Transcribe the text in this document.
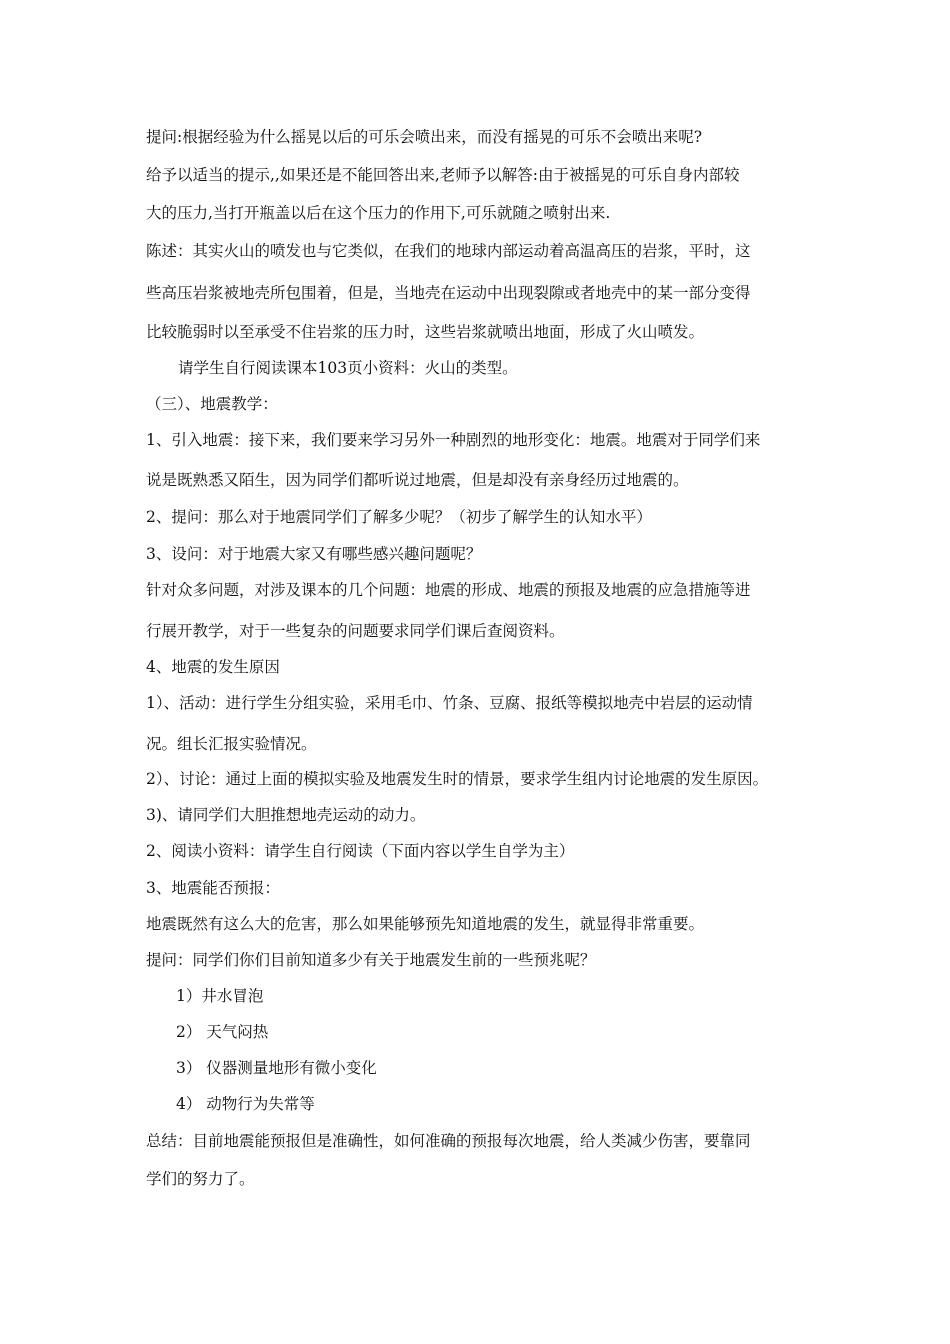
提问:根据经验为什么摇晃以后的可乐会喷出来，而没有摇晃的可乐不会喷出来呢?
给予以适当的提示,,如果还是不能回答出来,老师予以解答:由于被摇晃的可乐自身内部较
大的压力,当打开瓶盖以后在这个压力的作用下,可乐就随之喷射出来.
陈述：其实火山的喷发也与它类似，在我们的地球内部运动着高温高压的岩浆，平时，这
些高压岩浆被地壳所包围着，但是，当地壳在运动中出现裂隙或者地壳中的某一部分变得
比较脆弱时以至承受不住岩浆的压力时，这些岩浆就喷出地面，形成了火山喷发。
请学生自行阅读课本103页小资料：火山的类型。
（三）、地震教学：
1、引入地震：接下来，我们要来学习另外一种剧烈的地形变化：地震。地震对于同学们来
说是既熟悉又陌生，因为同学们都听说过地震，但是却没有亲身经历过地震的。
2、提问：那么对于地震同学们了解多少呢？（初步了解学生的认知水平）
3、设问：对于地震大家又有哪些感兴趣问题呢？
针对众多问题，对涉及课本的几个问题：地震的形成、地震的预报及地震的应急措施等进
行展开教学，对于一些复杂的问题要求同学们课后查阅资料。
4、地震的发生原因
1）、活动：进行学生分组实验，采用毛巾、竹条、豆腐、报纸等模拟地壳中岩层的运动情
况。组长汇报实验情况。
2）、讨论：通过上面的模拟实验及地震发生时的情景，要求学生组内讨论地震的发生原因。
3)、请同学们大胆推想地壳运动的动力。
2、阅读小资料：请学生自行阅读（下面内容以学生自学为主）
3、地震能否预报：
地震既然有这么大的危害，那么如果能够预先知道地震的发生，就显得非常重要。
提问：同学们你们目前知道多少有关于地震发生前的一些预兆呢？
1）井水冒泡
2） 天气闷热
3） 仪器测量地形有微小变化
4） 动物行为失常等
总结：目前地震能预报但是准确性，如何准确的预报每次地震，给人类减少伤害，要靠同
学们的努力了。
